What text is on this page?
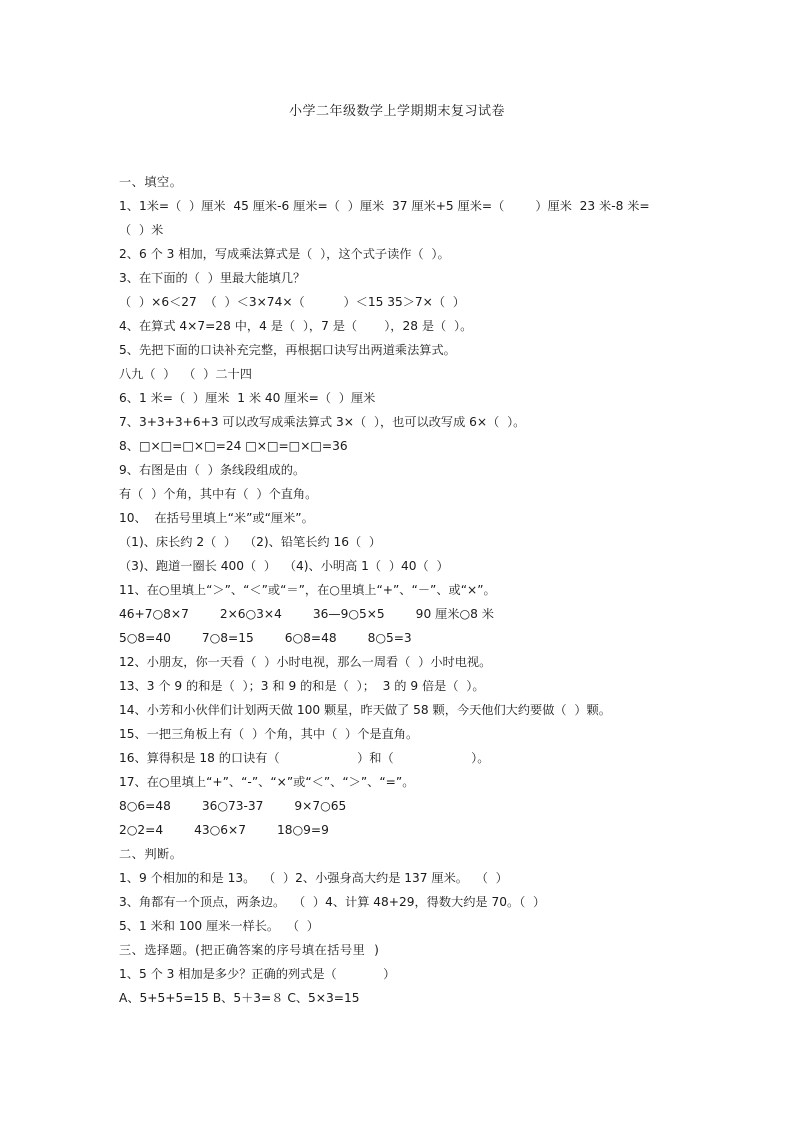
小学二年级数学上学期期末复习试卷
一、填空。
1、1米=（  ）厘米  45 厘米-6 厘米=（  ）厘米  37 厘米+5 厘米=（        ）厘米  23 米-8 米=
（  ）米
2、6 个 3 相加，写成乘法算式是（  ），这个式子读作（  ）。
3、在下面的（  ）里最大能填几？
（  ）×6＜27  （  ）＜3×74×（          ）＜15 35＞7×（  ）
4、在算式 4×7=28 中，4 是（  ），7 是（       ），28 是（  ）。
5、先把下面的口诀补充完整，再根据口诀写出两道乘法算式。
八九（  ）  （  ）二十四
6、1 米=（  ）厘米  1 米 40 厘米=（  ）厘米
7、3+3+3+6+3 可以改写成乘法算式 3×（  ），也可以改写成 6×（  ）。
8、□×□=□×□=24 □×□=□×□=36
9、右图是由（  ）条线段组成的。
有（  ）个角，其中有（  ）个直角。
10、  在括号里填上“米”或“厘米”。
（1)、床长约 2（  ）  （2)、铅笔长约 16（  ）
（3)、跑道一圈长 400（  ）  （4)、小明高 1（  ）40（  ）
11、在○里填上“＞”、“＜”或“＝”，在○里填上“+”、“－”、或“×”。
46+7○8×7        2×6○3×4        36—9○5×5        90 厘米○8 米
5○8=40        7○8=15        6○8=48        8○5=3
12、小朋友，你一天看（  ）小时电视，那么一周看（  ）小时电视。
13、3 个 9 的和是（  ）；3 和 9 的和是（  ）；  3 的 9 倍是（  ）。
14、小芳和小伙伴们计划两天做 100 颗星，昨天做了 58 颗，今天他们大约要做（  ）颗。
15、一把三角板上有（  ）个角，其中（  ）个是直角。
16、算得积是 18 的口诀有（                    ）和（                    ）。
17、在○里填上“+”、“-”、“×”或“＜”、“＞”、“=”。
8○6=48        36○73-37        9×7○65
2○2=4        43○6×7        18○9=9
二、判断。
1、9 个相加的和是 13。  （  ）2、小强身高大约是 137 厘米。  （  ）
3、角都有一个顶点，两条边。  （  ）4、计算 48+29，得数大约是 70。（  ）
5、1 米和 100 厘米一样长。  （  ）
三、选择题。(把正确答案的序号填在括号里  )
1、5 个 3 相加是多少？正确的列式是（            ）
A、5+5+5=15 B、5＋3=８ C、5×3=15
